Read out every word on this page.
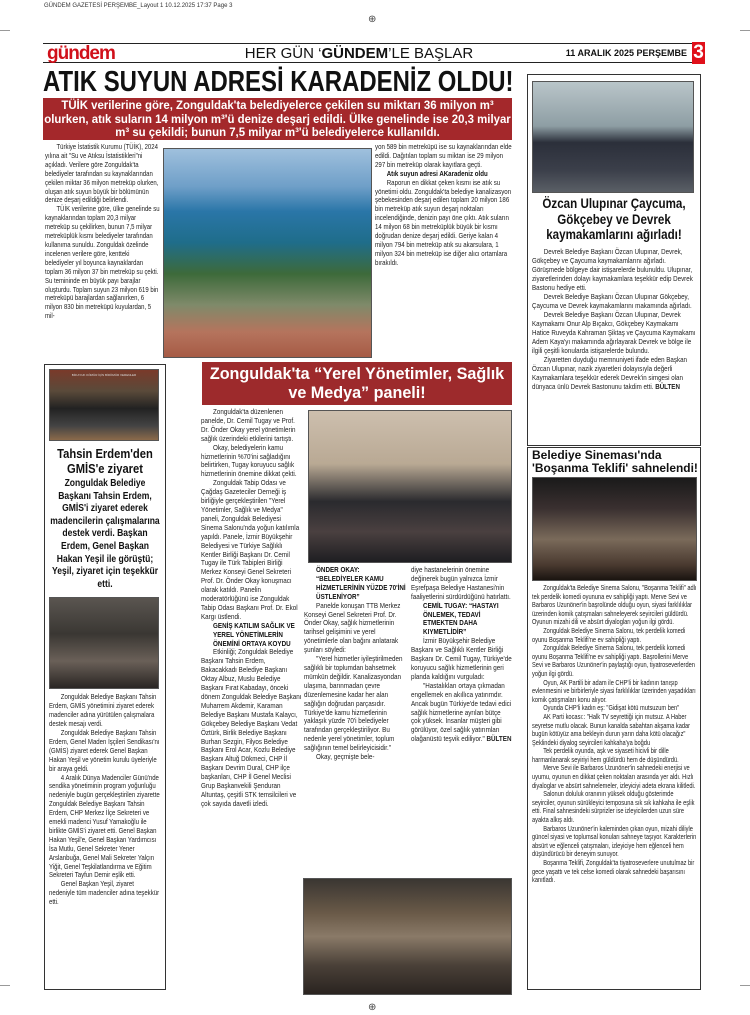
GÜNDEM GAZETESİ PERŞEMBE_Layout 1 10.12.2025 17:37 Page 3
⊕
⊕
gündem	HER GÜN ‘GÜNDEM’LE BAŞLAR	11 ARALIK 2025 PERŞEMBE 3
ATIK SUYUN ADRESİ KARADENİZ OLDU!
TÜİK verilerine göre, Zonguldak'ta belediyelerce çekilen su miktarı 36 milyon m³ olurken, atık suların 14 milyon m³'ü denize deşarj edildi. Ülke genelinde ise 20,3 milyar m³ su çekildi; bunun 7,5 milyar m³'ü belediyelerce kullanıldı.

Türkiye İstatistik Kurumu (TÜİK), 2024 yılına ait "Su ve Atıksu İstatistikleri"ni açıkladı. Verilere göre Zonguldak'ta belediyeler tarafından su kaynaklarından çekilen miktar 36 milyon metreküp olurken, oluşan atık suyun büyük bir bölümünün denize deşarj edildiği belirlendi.

TÜİK verilerine göre, ülke genelinde su kaynaklarından toplam 20,3 milyar metreküp su çekilirken, bunun 7,5 milyar metreküplük kısmı belediyeler tarafından kullanıma sunuldu. Zonguldak özelinde incelenen verilere göre, kentteki belediyeler yıl boyunca kaynaklardan toplam 36 milyon 37 bin metreküp su çekti. Su temininde en büyük payı barajlar oluşturdu. Toplam suyun 23 milyon 619 bin metreküpü barajlardan sağlanırken, 6 milyon 830 bin metreküpü kuyulardan, 5 mil-

yon 589 bin metreküpü ise su kaynaklarından elde edildi. Dağıtılan toplam su miktarı ise 29 milyon 297 bin metreküp olarak kayıtlara geçti.

Atık suyun adresi AKaradeniz oldu

Raporun en dikkat çeken kısmı ise atık su yönetimi oldu. Zonguldak'ta belediye kanalizasyon şebekesinden deşarj edilen toplam 20 milyon 186 bin metreküp atık suyun deşarj noktaları incelendiğinde, denizin payı öne çıktı. Atık suların 14 milyon 68 bin metreküplük büyük bir kısmı doğrudan denize deşarj edildi. Geriye kalan 4 milyon 794 bin metreküp atık su akarsulara, 1 milyon 324 bin metreküp ise diğer alıcı ortamlara bırakıldı.

Özcan Ulupınar Çaycuma, Gökçebey ve Devrek kaymakamlarını ağırladı!

Devrek Belediye Başkanı Özcan Ulupınar, Devrek, Gökçebey ve Çaycuma kaymakamlarını ağırladı. Görüşmede bölgeye dair istişarelerde bulunuldu. Ulupınar, ziyaretlerinden dolayı kaymakamlara teşekkür edip Devrek Bastonu hediye etti.

Devrek Belediye Başkanı Özcan Ulupınar Gökçebey, Çaycuma ve Devrek kaymakamlarını makamında ağırladı.

Devrek Belediye Başkanı Özcan Ulupınar, Devrek Kaymakamı Onur Alp Bıçakcı, Gökçebey Kaymakamı Hatice Ruveyda Kahraman Şiktaş ve Çaycuma Kaymakamı Adem Kaya'yı makamında ağırlayarak Devrek ve bölge ile ilgili çeşitli konularda istişarelerde bulundu.

Ziyaretten duyduğu memnuniyeti ifade eden Başkan Özcan Ulupınar, nazik ziyaretleri dolayısıyla değerli Kaymakamlara teşekkür ederek Devrek'in simgesi olan dünyaca ünlü Devrek Bastonunu takdim etti. BÜLTEN

BİR AYUK KÖMÜR İÇİN BİRÖMÜR VERENLER
Tahsin Erdem'den GMİS'e ziyaret
Zonguldak Belediye Başkanı Tahsin Erdem, GMİS'i ziyaret ederek madencilerin çalışmalarına destek verdi. Başkan Erdem, Genel Başkan Hakan Yeşil ile görüştü; Yeşil, ziyaret için teşekkür etti.

Zonguldak Belediye Başkanı Tahsin Erdem, GMİS yönetimini ziyaret ederek madenciler adına yürütülen çalışmalara destek mesajı verdi.

Zonguldak Belediye Başkanı Tahsin Erdem, Genel Maden İşçileri Sendikası'nı (GMİS) ziyaret ederek Genel Başkan Hakan Yeşil ve yönetim kurulu üyeleriyle bir araya geldi.

4 Aralık Dünya Madenciler Günü'nde sendika yönetiminin program yoğunluğu nedeniyle bugün gerçekleştirilen ziyarette Zonguldak Belediye Başkanı Tahsin Erdem, CHP Merkez İlçe Sekreteri ve emekli madenci Yusuf Yamakoğlu ile birlikte GMİS'i ziyaret etti. Genel Başkan Hakan Yeşil'e, Genel Başkan Yardımcısı İsa Mutlu, Genel Sekreter Yener Arslanbuğa, Genel Mali Sekreter Yalçın Yiğit, Genel Teşkilatlandırma ve Eğitim Sekreteri Tayfun Demir eşlik etti.

Genel Başkan Yeşil, ziyaret nedeniyle tüm madenciler adına teşekkür etti.

Zonguldak'ta “Yerel Yönetimler, Sağlık ve Medya” paneli!

Zonguldak'ta düzenlenen panelde, Dr. Cemil Tugay ve Prof. Dr. Önder Okay yerel yönetimlerin sağlık üzerindeki etkilerini tartıştı.

Okay, belediyelerin kamu hizmetlerinin %70'ini sağladığını belirtirken, Tugay koruyucu sağlık hizmetlerinin önemine dikkat çekti.

Zonguldak Tabip Odası ve Çağdaş Gazeteciler Derneği iş birliğiyle gerçekleştirilen "Yerel Yönetimler, Sağlık ve Medya" paneli, Zonguldak Belediyesi Sinema Salonu'nda yoğun katılımla yapıldı. Panele, İzmir Büyükşehir Belediyesi ve Türkiye Sağlıklı Kentler Birliği Başkanı Dr. Cemil Tugay ile Türk Tabipleri Birliği Merkez Konseyi Genel Sekreteri Prof. Dr. Önder Okay konuşmacı olarak katıldı. Panelin moderatörlüğünü ise Zonguldak Tabip Odası Başkanı Prof. Dr. Ekol Kargı üstlendi.

GENİŞ KATILIM SAĞLIK VE YEREL YÖNETİMLERİN ÖNEMİNİ ORTAYA KOYDU

Etkinliği; Zonguldak Belediye Başkanı Tahsin Erdem, Bakacakkadı Belediye Başkanı Oktay Albuz, Muslu Belediye Başkanı Fırat Kabadayı, önceki dönem Zonguldak Belediye Başkanı Muharrem Akdemir, Karaman Belediye Başkanı Mustafa Kalaycı, Gökçebey Belediye Başkanı Vedat Öztürk, Birlik Belediye Başkanı Burhan Sezgin, Filyos Belediye Başkanı Erol Acar, Kozlu Belediye Başkanı Altuğ Dökmeci, CHP İl Başkanı Devrim Dural, CHP ilçe başkanları, CHP İl Genel Meclisi Grup Başkanvekili Şenduran Altuntaş, çeşitli STK temsilcileri ve çok sayıda davetli izledi.

ÖNDER OKAY: “BELEDİYELER KAMU HİZMETLERİNİN YÜZDE 70'İNİ ÜSTLENİYOR”

Panelde konuşan TTB Merkez Konseyi Genel Sekreteri Prof. Dr. Önder Okay, sağlık hizmetlerinin tarihsel gelişimini ve yerel yönetimlerle olan bağını anlatarak şunları söyledi:

"Yerel hizmetler iyileştirilmeden sağlıklı bir toplumdan bahsetmek mümkün değildir. Kanalizasyondan ulaşıma, barınmadan çevre düzenlemesine kadar her alan sağlığın doğrudan parçasıdır. Türkiye'de kamu hizmetlerinin yaklaşık yüzde 70'i belediyeler tarafından gerçekleştiriliyor. Bu nedenle yerel yönetimler, toplum sağlığının temel belirleyicisidir."

Okay, geçmişte bele-

diye hastanelerinin önemine değinerek bugün yalnızca İzmir Eşrefpaşa Belediye Hastanesi'nin faaliyetlerini sürdürdüğünü hatırlattı.

CEMİL TUGAY: “HASTAYI ÖNLEMEK, TEDAVİ ETMEKTEN DAHA KIYMETLİDİR”

İzmir Büyükşehir Belediye Başkanı ve Sağlıklı Kentler Birliği Başkanı Dr. Cemil Tugay, Türkiye'de koruyucu sağlık hizmetlerinin geri planda kaldığını vurguladı:

"Hastalıkları ortaya çıkmadan engellemek en akıllıca yatırımdır. Ancak bugün Türkiye'de tedavi edici sağlık hizmetlerine ayrılan bütçe çok yüksek. İnsanlar müşteri gibi görülüyor, özel sağlık yatırımları olağanüstü teşvik ediliyor." BÜLTEN

Belediye Sineması'nda
'Boşanma Teklifi' sahnelendi!

Zonguldak'ta Belediye Sinema Salonu, "Boşanma Teklifi" adlı tek perdelik komedi oyununa ev sahipliği yaptı. Merve Sevi ve Barbaros Uzunöner'in başrolünde olduğu oyun, siyasi farklılıklar üzerinden komik çatışmaları sahneleyerek seyircileri güldürdü. Oyunun mizahi dili ve absürt diyalogları yoğun ilgi gördü.

Zonguldak Belediye Sinema Salonu, tek perdelik komedi oyunu Boşanma Teklifi'ne ev sahipliği yaptı.

Zonguldak Belediye Sinema Salonu, tek perdelik komedi oyunu Boşanma Teklifi'ne ev sahipliği yaptı. Başrollerini Merve Sevi ve Barbaros Uzunöner'in paylaştığı oyun, tiyatroseverlerden yoğun ilgi gördü.

Oyun, AK Partili bir adam ile CHP'li bir kadının tanışıp evlenmesini ve birbirleriyle siyasi farklılıklar üzerinden yaşadıkları komik çatışmaları konu alıyor.

Oyunda CHP'li kadın eş: "Gidişat kötü mutsuzum ben"

AK Parti kocası:: "Halk TV seyrettiği için mutsuz. A Haber seyretse mutlu olacak. Bunun kanalda sabahtan akşama kadar bugün kötüyüz ama bekleyin durun yarın daha kötü olacağız" Şeklindeki diyalog seyircileri kahkaha'ya boğdu

Tek perdelik oyunda, aşk ve siyaseti hicivli bir dille harmanlanarak seyiriyi hem güldürdü hem de düşündürdü.

Merve Sevi ile Barbaros Uzunöner'in sahnedeki enerjisi ve uyumu, oyunun en dikkat çeken noktaları arasında yer aldı. Hızlı diyaloglar ve absürt sahnelemeler, izleyiciyi adeta ekrana kilitledi.

Salonun doluluk oranının yüksek olduğu gösterimde seyirciler, oyunun sürükleyici temposuna sık sık kahkaha ile eşlik etti. Final sahnesindeki sürprizler ise izleyicilerden uzun süre ayakta alkış aldı.

Barbaros Uzunöner'in kaleminden çıkan oyun, mizahi diliyle güncel siyasi ve toplumsal konuları sahneye taşıyor. Karakterlerin absürt ve eğlenceli çatışmaları, izleyiciye hem eğlenceli hem düşündürücü bir deneyim sunuyor.

Boşanma Teklifi, Zonguldak'ta tiyatroseverlere unutulmaz bir gece yaşattı ve tek celse komedi olarak sahnedeki başarısını kanıtladı.
